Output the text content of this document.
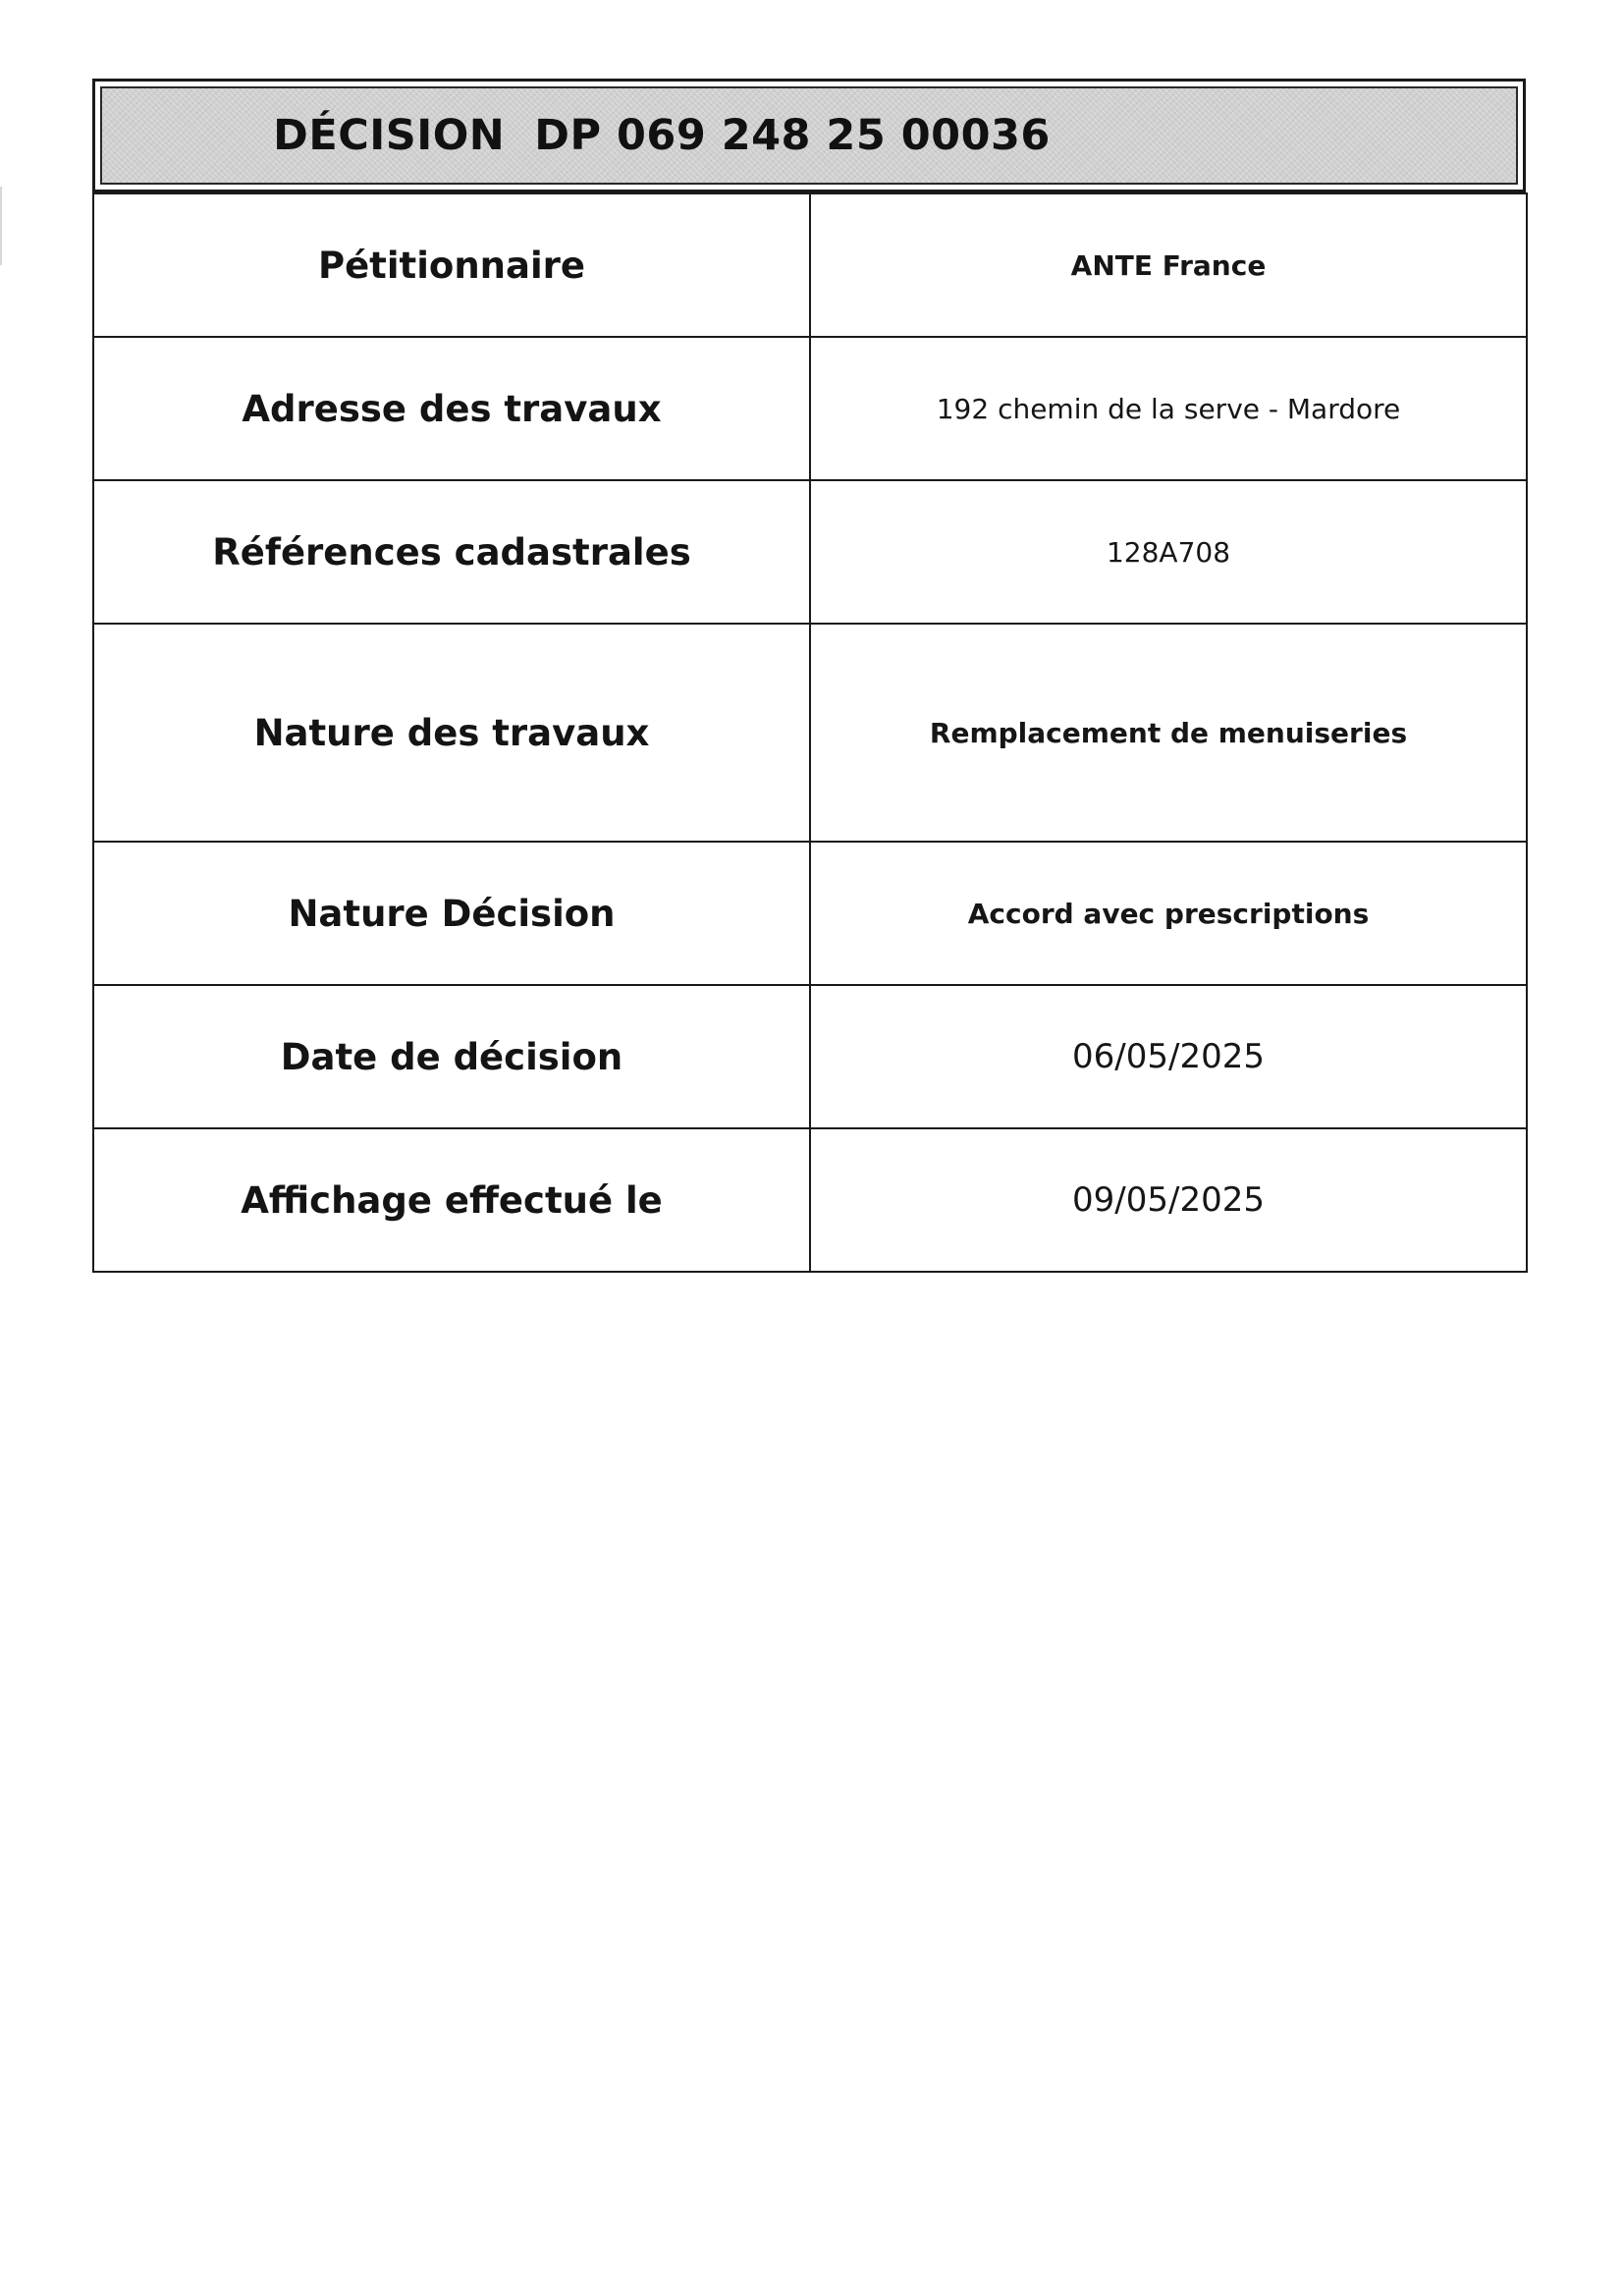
DÉCISION DP 069 248 25 00036
Pétitionnaire	ANTE France
Adresse des travaux	192 chemin de la serve - Mardore
Références cadastrales	128A708
Nature des travaux	Remplacement de menuiseries
Nature Décision	Accord avec prescriptions
Date de décision	06/05/2025
Affichage effectué le	09/05/2025
